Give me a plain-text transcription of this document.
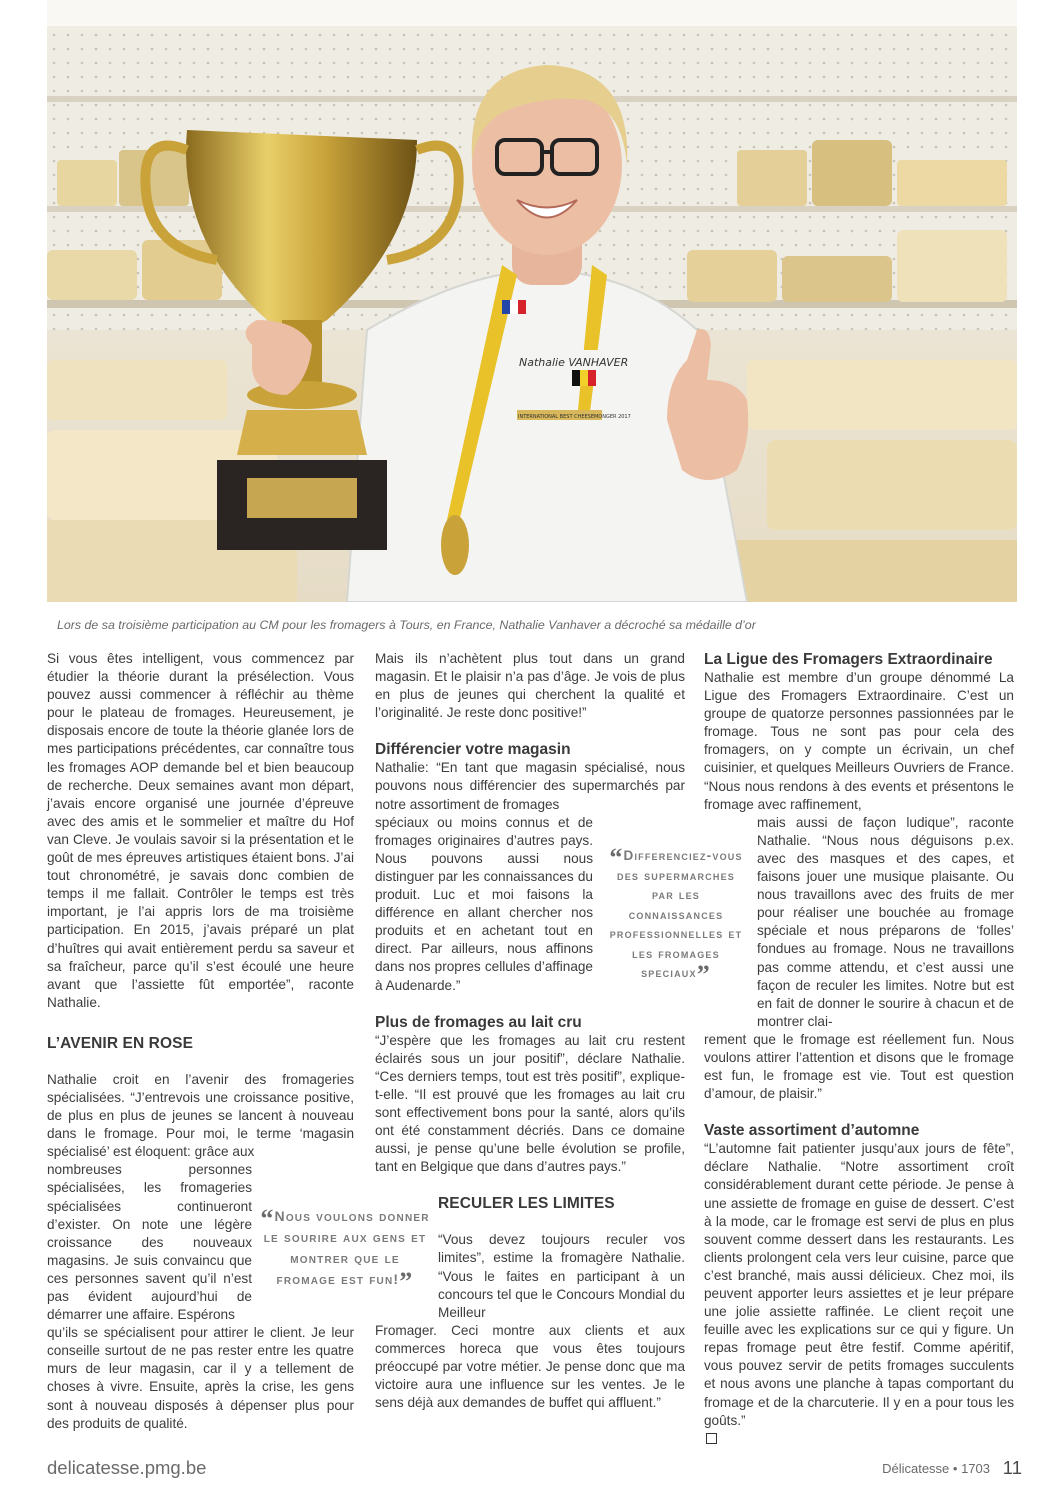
Nathalie VANHAVER
INTERNATIONAL BEST CHEESEMONGER 2017
Lors de sa troisième participation au CM pour les fromagers à Tours, en France, Nathalie Vanhaver a décroché sa médaille d’or

Si vous êtes intelligent, vous commencez par étudier la théorie durant la présélection. Vous pouvez aussi commencer à réfléchir au thème pour le plateau de fromages. Heureusement, je disposais encore de toute la théorie glanée lors de mes participations précédentes, car connaître tous les fromages AOP demande bel et bien beaucoup de recherche. Deux semaines avant mon départ, j’avais encore organisé une journée d’épreuve avec des amis et le sommelier et maître du Hof van Cleve. Je voulais savoir si la présentation et le goût de mes épreuves artistiques étaient bons. J’ai tout chronométré, je savais donc combien de temps il me fallait. Contrôler le temps est très important, je l’ai appris lors de ma troisième participation. En 2015, j’avais préparé un plat d’huîtres qui avait entièrement perdu sa saveur et sa fraîcheur, parce qu’il s’est écoulé une heure avant que l’assiette fût emportée”, raconte Nathalie.

L’AVENIR EN ROSE

Nathalie croit en l’avenir des fromageries spécialisées. “J’entrevois une croissance positive, de plus en plus de jeunes se lancent à nouveau dans le fromage. Pour moi, le terme ‘magasin spécialisé’ est éloquent: grâce aux

nombreuses personnes spécialisées, les fromageries spécialisées continueront d’exister. On note une légère croissance des nouveaux magasins. Je suis convaincu que ces personnes savent qu’il n’est pas évident aujourd’hui de démarrer une affaire. Espérons

qu’ils se spécialisent pour attirer le client. Je leur conseille surtout de ne pas rester entre les quatre murs de leur magasin, car il y a tellement de choses à vivre. Ensuite, après la crise, les gens sont à nouveau disposés à dépenser plus pour des produits de qualité.

Mais ils n’achètent plus tout dans un grand magasin. Et le plaisir n’a pas d’âge. Je vois de plus en plus de jeunes qui cherchent la qualité et l’originalité. Je reste donc positive!”

Différencier votre magasin

Nathalie: “En tant que magasin spécialisé, nous pouvons nous différencier des supermarchés par notre assortiment de fromages

spéciaux ou moins connus et de fromages originaires d’autres pays. Nous pouvons aussi nous distinguer par les connaissances du produit. Luc et moi faisons la différence en allant chercher nos produits et en achetant tout en direct. Par ailleurs, nous affinons dans nos propres cellules d’affinage à Audenarde.”

Plus de fromages au lait cru

“J’espère que les fromages au lait cru restent éclairés sous un jour positif”, déclare Nathalie. “Ces derniers temps, tout est très positif”, explique-t-elle. “Il est prouvé que les fromages au lait cru sont effectivement bons pour la santé, alors qu’ils ont été constamment décriés. Dans ce domaine aussi, je pense qu’une belle évolution se profile, tant en Belgique que dans d’autres pays.”

RECULER LES LIMITES

“Vous devez toujours reculer vos limites”, estime la fromagère Nathalie. “Vous le faites en participant à un concours tel que le Concours Mondial du Meilleur

Fromager. Ceci montre aux clients et aux commerces horeca que vous êtes toujours préoccupé par votre métier. Je pense donc que ma victoire aura une influence sur les ventes. Je le sens déjà aux demandes de buffet qui affluent.”

La Ligue des Fromagers Extraordinaire

Nathalie est membre d’un groupe dénommé La Ligue des Fromagers Extraordinaire. C’est un groupe de quatorze personnes passionnées par le fromage. Tous ne sont pas pour cela des fromagers, on y compte un écrivain, un chef cuisinier, et quelques Meilleurs Ouvriers de France. “Nous nous rendons à des events et présentons le fromage avec raffinement,

mais aussi de façon ludique”, raconte Nathalie. “Nous nous déguisons p.ex. avec des masques et des capes, et faisons jouer une musique plaisante. Ou nous travaillons avec des fruits de mer pour réaliser une bouchée au fromage spéciale et nous préparons de ‘folles’ fondues au fromage. Nous ne travaillons pas comme attendu, et c’est aussi une façon de reculer les limites. Notre but est en fait de donner le sourire à chacun et de montrer clai-

rement que le fromage est réellement fun. Nous voulons attirer l’attention et disons que le fromage est fun, le fromage est vie. Tout est question d’amour, de plaisir.”

Vaste assortiment d’automne

“L’automne fait patienter jusqu’aux jours de fête”, déclare Nathalie. “Notre assortiment croît considérablement durant cette période. Je pense à une assiette de fromage en guise de dessert. C’est à la mode, car le fromage est servi de plus en plus souvent comme dessert dans les restaurants. Les clients prolongent cela vers leur cuisine, parce que c’est branché, mais aussi délicieux. Chez moi, ils peuvent apporter leurs assiettes et je leur prépare une jolie assiette raffinée. Le client reçoit une feuille avec les explications sur ce qui y figure. Un repas fromage peut être festif. Comme apéritif, vous pouvez servir de petits fromages succulents et nous avons une planche à tapas comportant du fromage et de la charcuterie. Il y en a pour tous les goûts.”

“Nous voulons donner le sourire aux gens et montrer que le fromage est fun!”
“Differenciez-vous des supermarches par les connaissances professionnelles et les fromages speciaux”
delicatesse.pmg.be	Délicatesse • 1703 11
